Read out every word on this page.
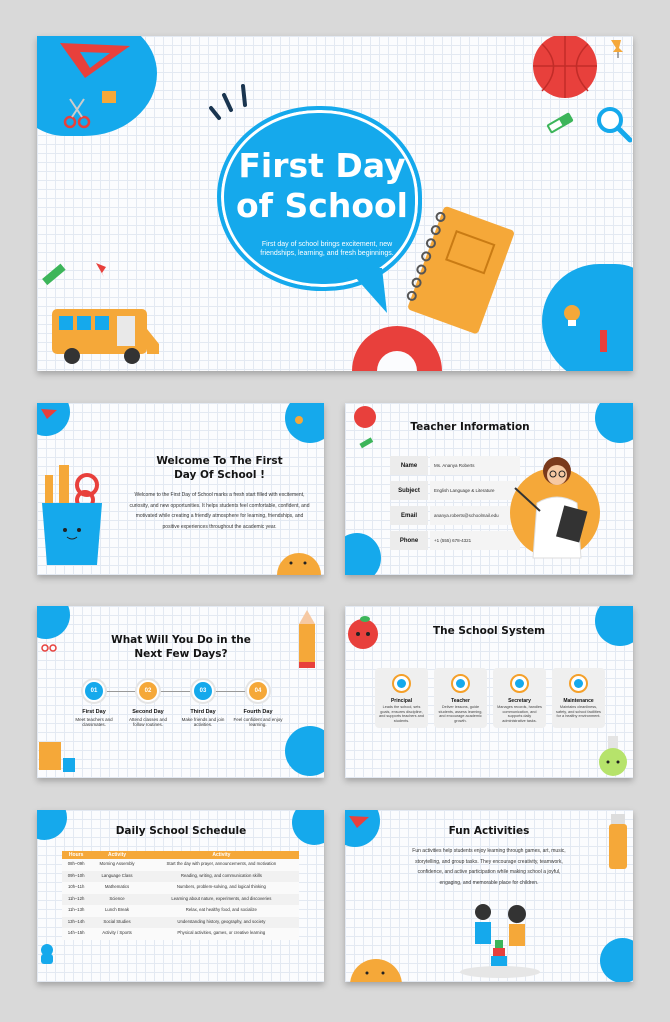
First Day
of School
First day of school brings excitement, new friendships, learning, and fresh beginnings.
Welcome To The First
Day Of School !
Welcome to the First Day of School marks a fresh start filled with excitement, curiosity, and new opportunities. It helps students feel comfortable, confident, and motivated while creating a friendly atmosphere for learning, friendships, and positive experiences throughout the academic year.
Teacher Information
Name	Ms. Ananya Roberts
Subject	English Language & Literature
Email	ananya.roberts@schoolmail.edu
Phone	+1 (555) 678-4321
What Will You Do in the
Next Few Days?
01	02	03	04
First Day	Second Day	Third Day	Fourth Day
Meet teachers and classmates.
Attend classes and follow routines.
Make friends and join activities.
Feel confident and enjoy learning.
The School System
Principal
Leads the school, sets goals, ensures discipline, and supports teachers and students.
Teacher
Deliver lessons, guide students, assess learning, and encourage academic growth.
Secretary
Manages records, handles communication, and supports daily administrative tasks.
Maintenance
Maintains cleanliness, safety, and school facilities for a healthy environment.
Daily School Schedule
Hours	Activity	Activity
08h–09h	Morning Assembly	Start the day with prayer, announcements, and motivation
09h–10h	Language Class	Reading, writing, and communication skills
10h–11h	Mathematics	Numbers, problem-solving, and logical thinking
11h–12h	Science	Learning about nature, experiments, and discoveries
11h–13h	Lunch Break	Relax, eat healthy food, and socialize
13h–14h	Social Studies	Understanding history, geography, and society
14h–15h	Activity / Sports	Physical activities, games, or creative learning
Fun Activities
Fun activities help students enjoy learning through games, art, music, storytelling, and group tasks. They encourage creativity, teamwork, confidence, and active participation while making school a joyful, engaging, and memorable place for children.
